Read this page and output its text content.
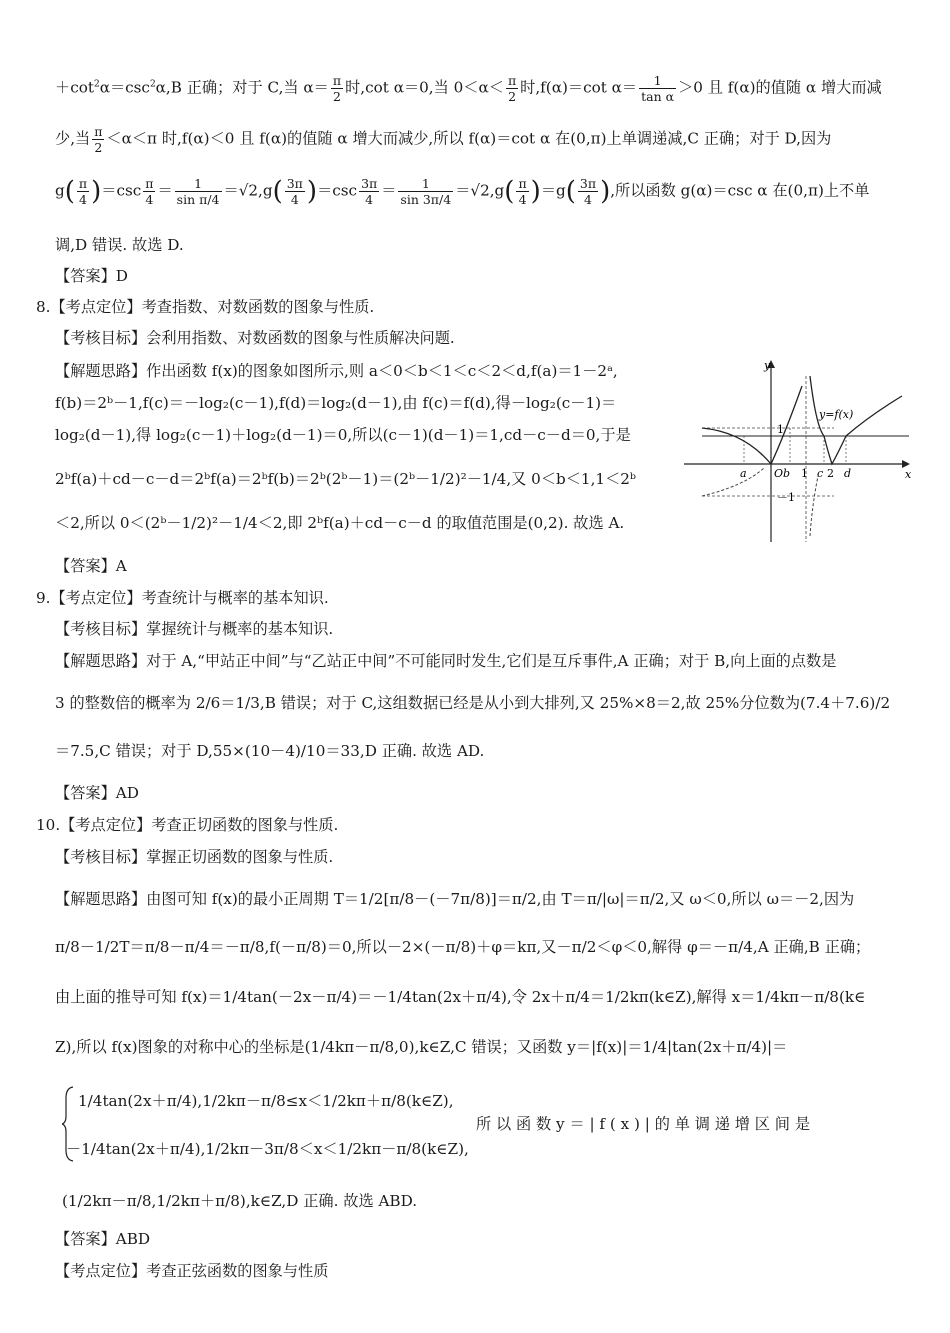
$+\cot^2\alpha=\csc^2\alpha,B$ 正确；对于 C,当 $\alpha= \frac{\pi}{2}$ 时,cot α＝0,当 $0<\alpha< \frac{\pi}{2}$ 时,f(α)＝cot $\alpha= \frac{1}{\text{tan α}} >0$ 且 f(α)的值随 α 增大而减
少,当 $\frac{\pi}{2} <\alpha<\pi$ 时,f(α)＜0 且 f(α)的值随 α 增大而减少,所以 f(α)＝cot α 在(0,π)上单调递减,C 正确；对于 D,因为
$g( \frac{\pi}{4} )=\csc \frac{\pi}{4} = \frac{1}{\text{sin π/4}} =√2,g( \frac{3\pi}{4} )=\csc \frac{3\pi}{4} = \frac{1}{\sin 3\pi/4} =√2,g( \frac{\pi}{4} )=g( \frac{3\pi}{4}$ ),所以函数 g(α)＝csc α 在(0,π)上不单
调,D 错误. 故选 D.
【答案】D
8.【考点定位】考查指数、对数函数的图象与性质.
【考核目标】会利用指数、对数函数的图象与性质解决问题.
【解题思路】作出函数 f(x)的图象如图所示,则 a＜0＜b＜1＜c＜2＜d,f(a)＝1－2ᵃ,
f(b)＝2ᵇ－1,f(c)＝－log₂(c－1),f(d)＝log₂(d－1),由 f(c)＝f(d),得－log₂(c－1)＝
log₂(d－1),得 log₂(c－1)＋log₂(d－1)＝0,所以(c－1)(d－1)＝1,cd－c－d＝0,于是
2ᵇf(a)＋cd－c－d＝2ᵇf(a)＝2ᵇf(b)＝2ᵇ(2ᵇ－1)＝(2ᵇ－1/2)²－1/4,又 0＜b＜1,1＜2ᵇ
＜2,所以 0＜(2ᵇ－1/2)²－1/4＜2,即 2ᵇf(a)＋cd－c－d 的取值范围是(0,2). 故选 A.
【答案】A
y
x
y=f(x)
1
－1
a Ob 1 c 2 d
9.【考点定位】考查统计与概率的基本知识.
【考核目标】掌握统计与概率的基本知识.
【解题思路】对于 A,“甲站正中间”与“乙站正中间”不可能同时发生,它们是互斥事件,A 正确；对于 B,向上面的点数是
3 的整数倍的概率为 2/6＝1/3,B 错误；对于 C,这组数据已经是从小到大排列,又 25%×8＝2,故 25%分位数为(7.4＋7.6)/2
＝7.5,C 错误；对于 D,55×(10－4)/10＝33,D 正确. 故选 AD.
【答案】AD
10.【考点定位】考查正切函数的图象与性质.
【考核目标】掌握正切函数的图象与性质.
【解题思路】由图可知 f(x)的最小正周期 T＝1/2[π/8－(－7π/8)]＝π/2,由 T＝π/|ω|＝π/2,又 ω＜0,所以 ω＝－2,因为
π/8－1/2T＝π/8－π/4＝－π/8,f(－π/8)＝0,所以－2×(－π/8)＋φ＝kπ,又－π/2＜φ＜0,解得 φ＝－π/4,A 正确,B 正确；
由上面的推导可知 f(x)＝1/4tan(－2x－π/4)＝－1/4tan(2x＋π/4),令 2x＋π/4＝1/2kπ(k∈Z),解得 x＝1/4kπ－π/8(k∈
Z),所以 f(x)图象的对称中心的坐标是(1/4kπ－π/8,0),k∈Z,C 错误；又函数 y＝|f(x)|＝1/4|tan(2x＋π/4)|＝
1/4tan(2x＋π/4),1/2kπ－π/8≤x＜1/2kπ＋π/8(k∈Z),
所 以 函 数 y ＝ | f ( x ) | 的 单 调 递 增 区 间 是
－1/4tan(2x＋π/4),1/2kπ－3π/8＜x＜1/2kπ－π/8(k∈Z),
(1/2kπ－π/8,1/2kπ＋π/8),k∈Z,D 正确. 故选 ABD.
【答案】ABD
【考点定位】考查正弦函数的图象与性质
